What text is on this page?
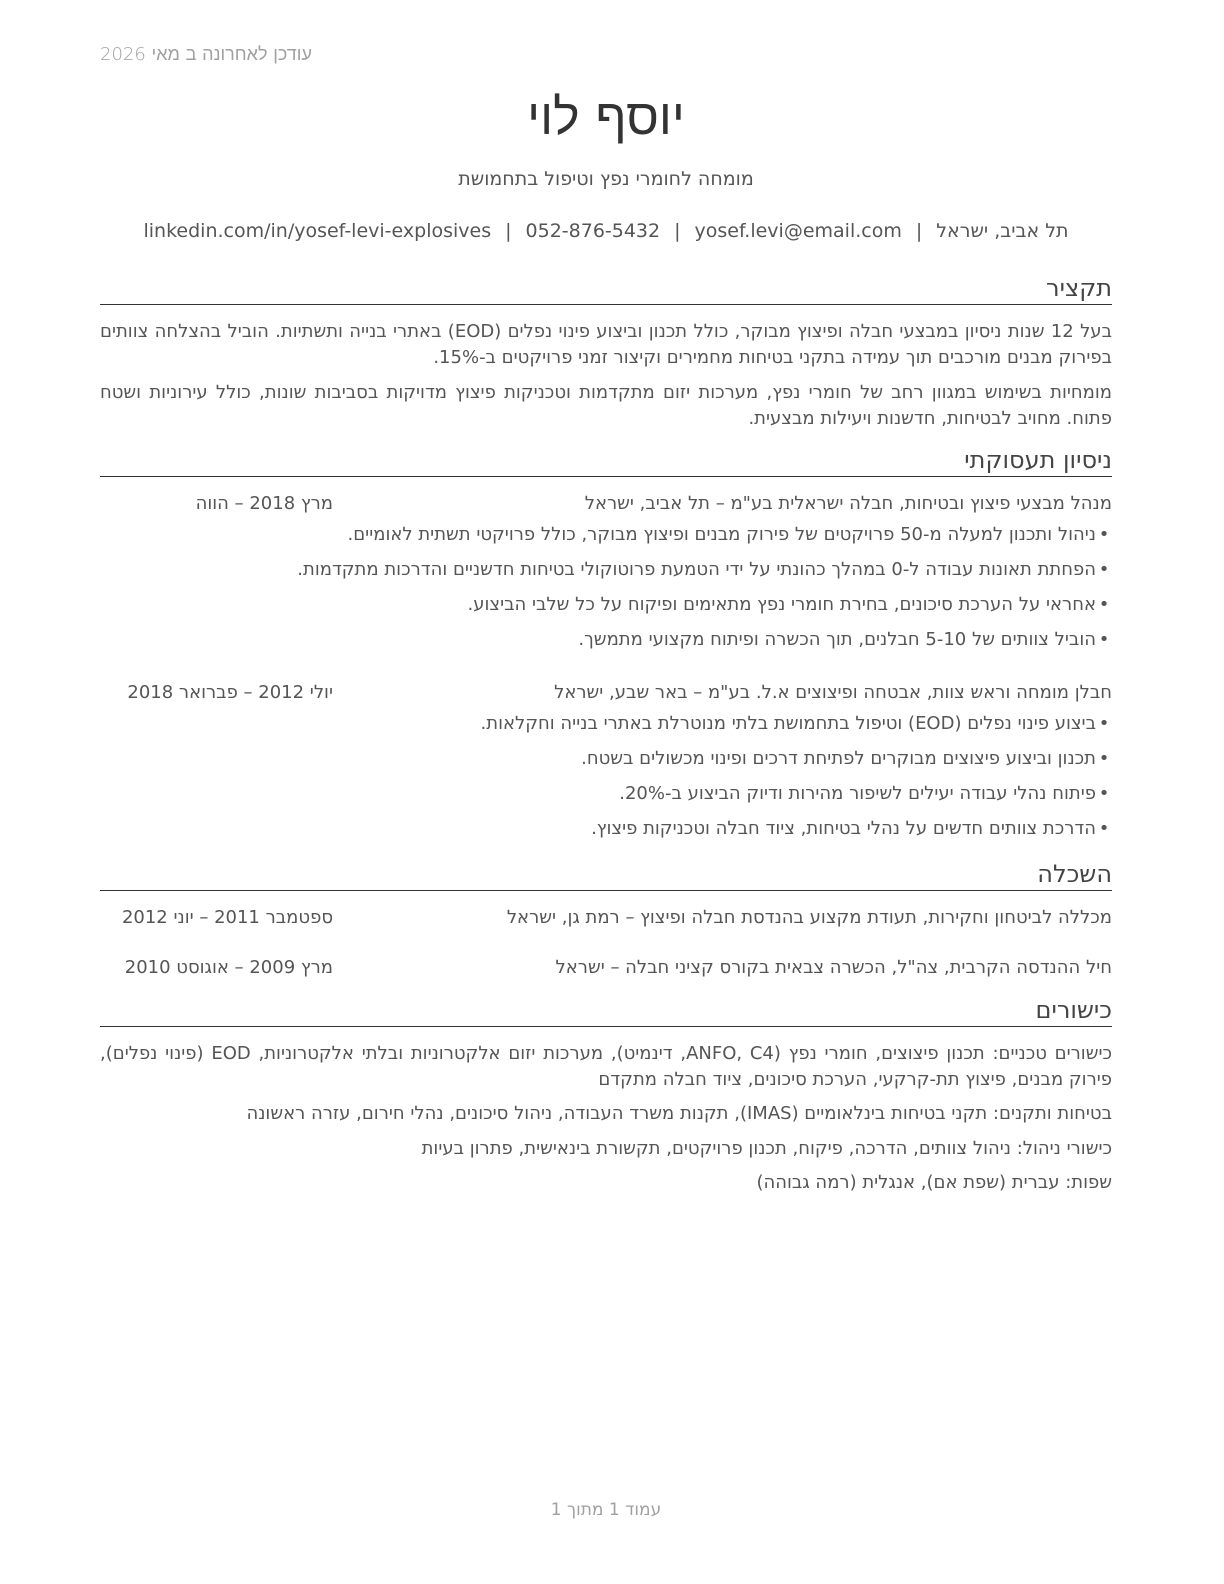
עודכן לאחרונה ב מאי 2026
יוסף לוי
מומחה לחומרי נפץ וטיפול בתחמושת
תל אביב, ישראל|yosef.levi@email.com|052-876-5432|linkedin.com/in/yosef-levi-explosives
תקציר
בעל 12 שנות ניסיון במבצעי חבלה ופיצוץ מבוקר, כולל תכנון וביצוע פינוי נפלים (EOD) באתרי בנייה ותשתיות. הוביל בהצלחה צוותים בפירוק מבנים מורכבים תוך עמידה בתקני בטיחות מחמירים וקיצור זמני פרויקטים ב-15%.
מומחיות בשימוש במגוון רחב של חומרי נפץ, מערכות יזום מתקדמות וטכניקות פיצוץ מדויקות בסביבות שונות, כולל עירוניות ושטח פתוח. מחויב לבטיחות, חדשנות ויעילות מבצעית.
ניסיון תעסוקתי
מנהל מבצעי פיצוץ ובטיחות, חבלה ישראלית בע"מ – תל אביב, ישראל
מרץ 2018 – הווה
•ניהול ותכנון למעלה מ-50 פרויקטים של פירוק מבנים ופיצוץ מבוקר, כולל פרויקטי תשתית לאומיים.
•הפחתת תאונות עבודה ל-0 במהלך כהונתי על ידי הטמעת פרוטוקולי בטיחות חדשניים והדרכות מתקדמות.
•אחראי על הערכת סיכונים, בחירת חומרי נפץ מתאימים ופיקוח על כל שלבי הביצוע.
•הוביל צוותים של 5-10 חבלנים, תוך הכשרה ופיתוח מקצועי מתמשך.
חבלן מומחה וראש צוות, אבטחה ופיצוצים א.ל. בע"מ – באר שבע, ישראל
יולי 2012 – פברואר 2018
•ביצוע פינוי נפלים (EOD) וטיפול בתחמושת בלתי מנוטרלת באתרי בנייה וחקלאות.
•תכנון וביצוע פיצוצים מבוקרים לפתיחת דרכים ופינוי מכשולים בשטח.
•פיתוח נהלי עבודה יעילים לשיפור מהירות ודיוק הביצוע ב-20%.
•הדרכת צוותים חדשים על נהלי בטיחות, ציוד חבלה וטכניקות פיצוץ.
השכלה
מכללה לביטחון וחקירות, תעודת מקצוע בהנדסת חבלה ופיצוץ – רמת גן, ישראל
ספטמבר 2011 – יוני 2012
חיל ההנדסה הקרבית, צה"ל, הכשרה צבאית בקורס קציני חבלה – ישראל
מרץ 2009 – אוגוסט 2010
כישורים
כישורים טכניים: תכנון פיצוצים, חומרי נפץ (ANFO, C4, דינמיט), מערכות יזום אלקטרוניות ובלתי אלקטרוניות, EOD (פינוי נפלים), פירוק מבנים, פיצוץ תת-קרקעי, הערכת סיכונים, ציוד חבלה מתקדם
בטיחות ותקנים: תקני בטיחות בינלאומיים (IMAS), תקנות משרד העבודה, ניהול סיכונים, נהלי חירום, עזרה ראשונה
כישורי ניהול: ניהול צוותים, הדרכה, פיקוח, תכנון פרויקטים, תקשורת בינאישית, פתרון בעיות
שפות: עברית (שפת אם), אנגלית (רמה גבוהה)
עמוד 1 מתוך 1
